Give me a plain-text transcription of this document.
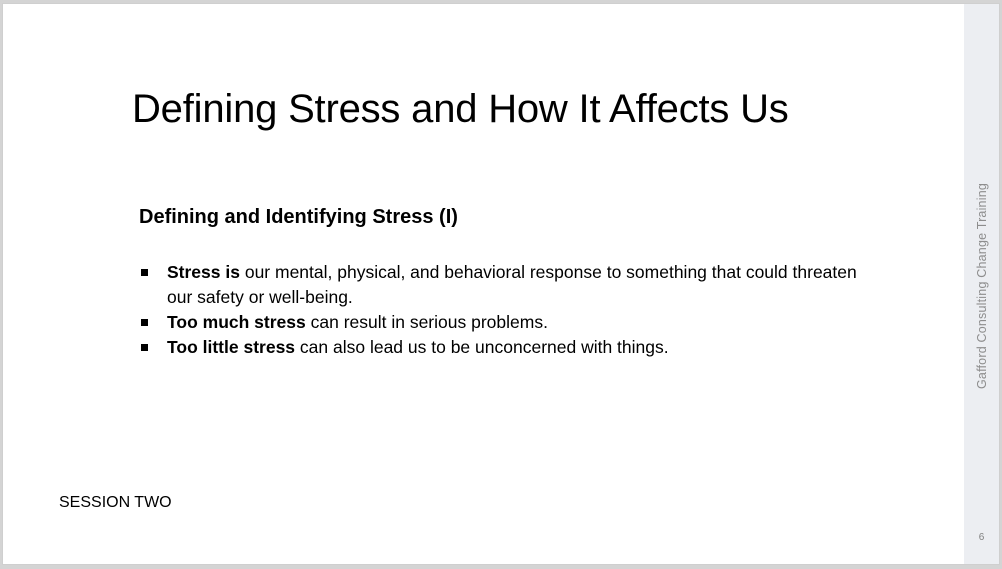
Defining Stress and How It Affects Us
Defining and Identifying Stress (I)
Stress is our mental, physical, and behavioral response to something that could threaten our safety or well-being.
Too much stress can result in serious problems.
Too little stress can also lead us to be unconcerned with things.
SESSION TWO
Gafford Consulting Change Training
6
